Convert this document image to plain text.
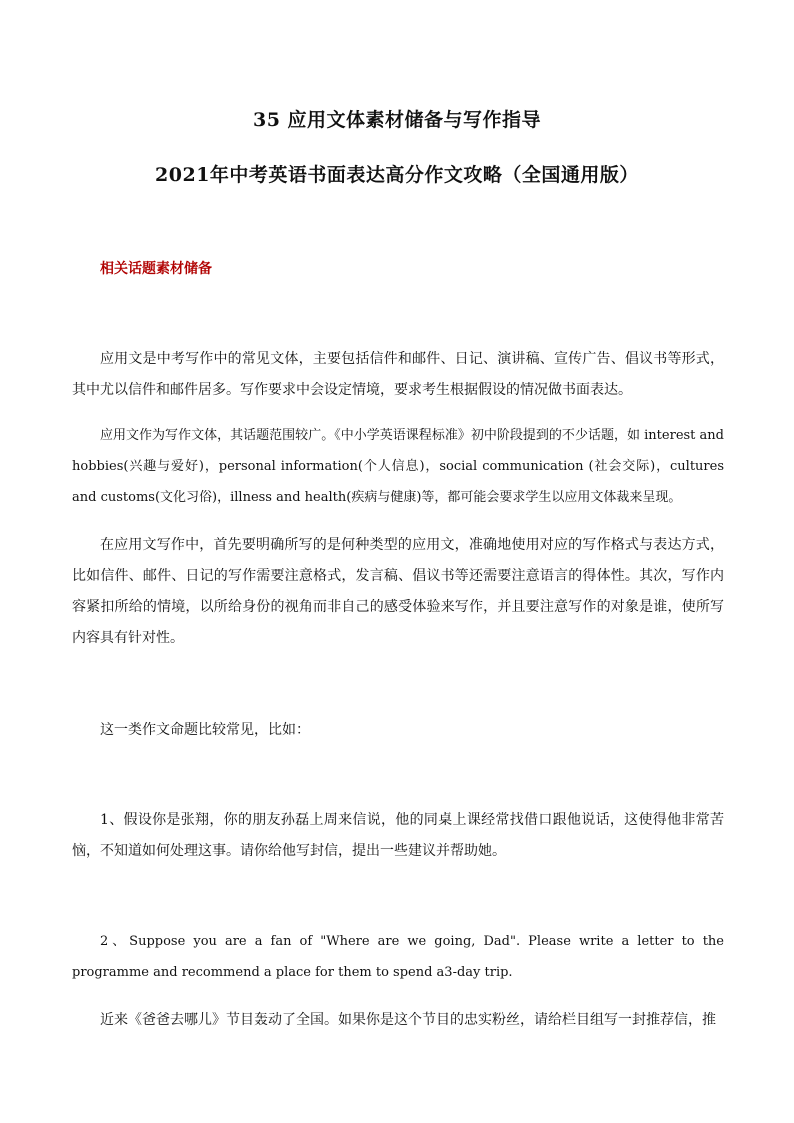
35 应用文体素材储备与写作指导
2021年中考英语书面表达高分作文攻略（全国通用版）
相关话题素材储备
应用文是中考写作中的常见文体，主要包括信件和邮件、日记、演讲稿、宣传广告、倡议书等形式，其中尤以信件和邮件居多。写作要求中会设定情境，要求考生根据假设的情况做书面表达。
应用文作为写作文体，其话题范围较广。《中小学英语课程标准》初中阶段提到的不少话题，如 interest and hobbies(兴趣与爱好)，personal information(个人信息)，social communication (社会交际)，cultures and customs(文化习俗)，illness and health(疾病与健康)等，都可能会要求学生以应用文体裁来呈现。
在应用文写作中，首先要明确所写的是何种类型的应用文，准确地使用对应的写作格式与表达方式，比如信件、邮件、日记的写作需要注意格式，发言稿、倡议书等还需要注意语言的得体性。其次，写作内容紧扣所给的情境，以所给身份的视角而非自己的感受体验来写作，并且要注意写作的对象是谁，使所写内容具有针对性。
这一类作文命题比较常见，比如：
1、假设你是张翔，你的朋友孙磊上周来信说，他的同桌上课经常找借口跟他说话，这使得他非常苦恼，不知道如何处理这事。请你给他写封信，提出一些建议并帮助她。
2、Suppose you are a fan of "Where are we going, Dad". Please write a letter to the programme and recommend a place for them to spend a3-day trip.
近来《爸爸去哪儿》节目轰动了全国。如果你是这个节目的忠实粉丝，请给栏目组写一封推荐信，推
